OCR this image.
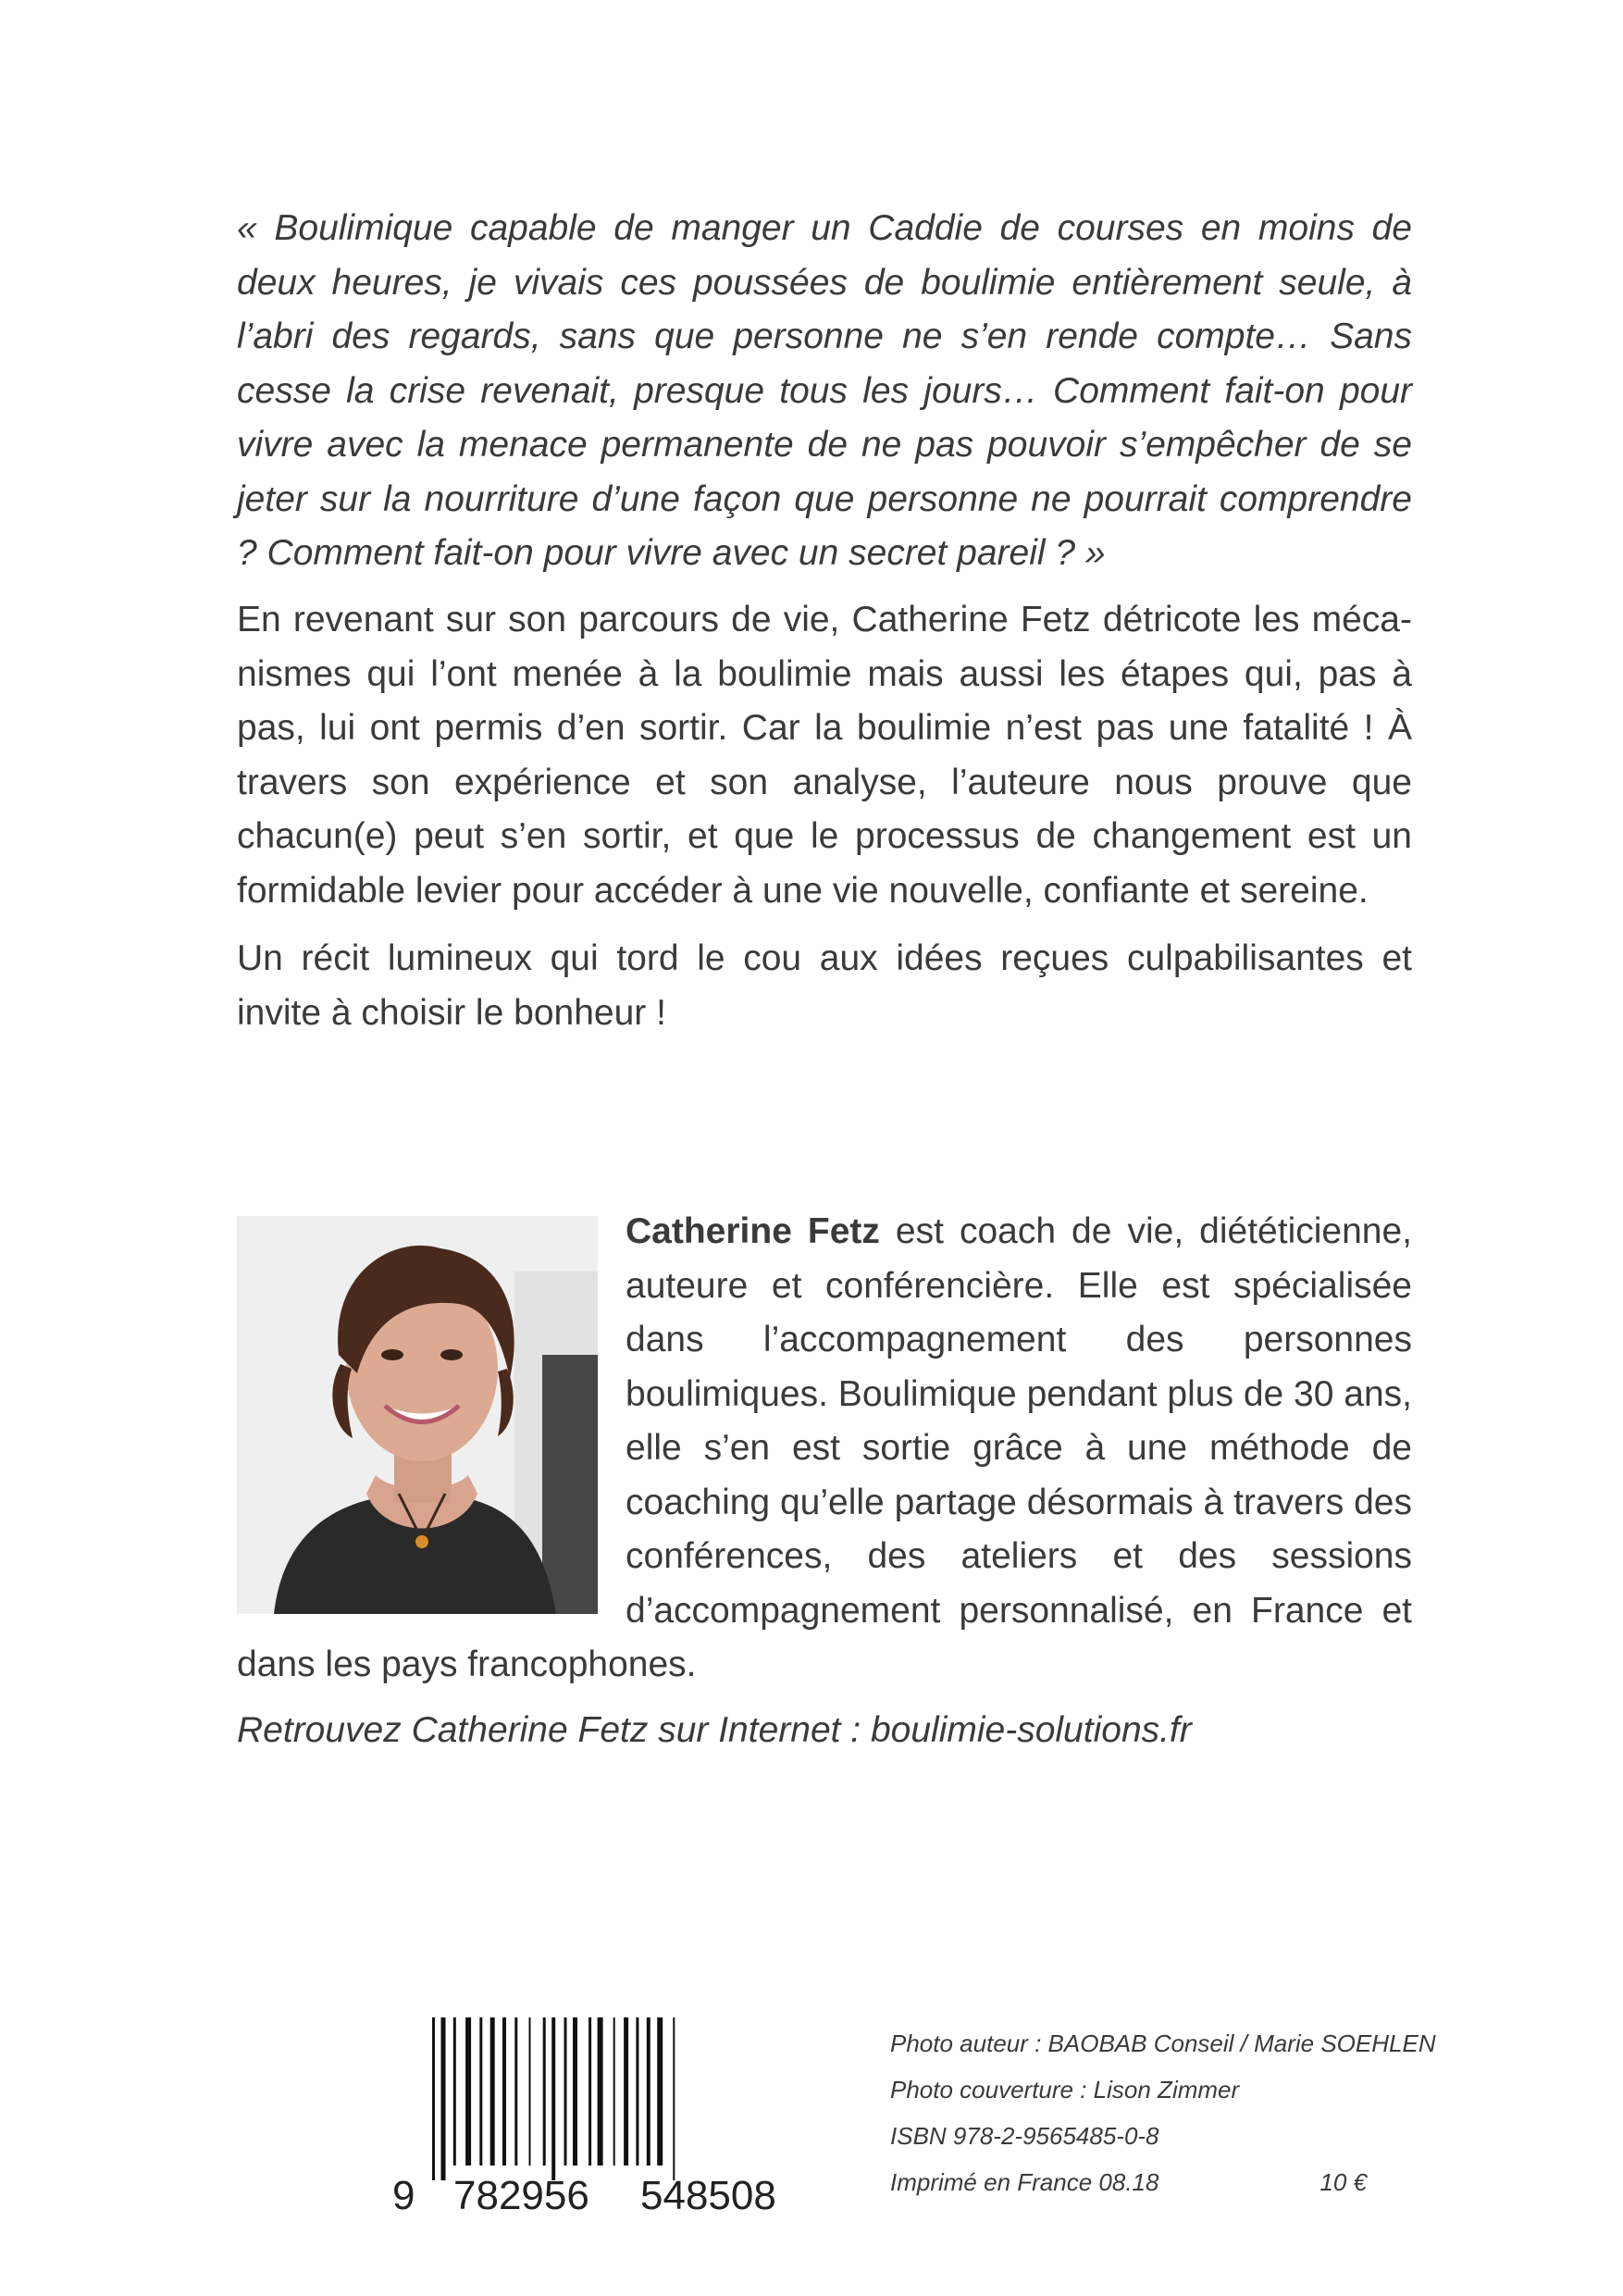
« Boulimique capable de manger un Caddie de courses en moins de deux heures, je vivais ces poussées de boulimie entièrement seule, à l’abri des regards, sans que personne ne s’en rende compte… Sans cesse la crise revenait, presque tous les jours… Comment fait-on pour vivre avec la menace permanente de ne pas pouvoir s’empêcher de se jeter sur la nourriture d’une façon que personne ne pourrait comprendre ? Comment fait-on pour vivre avec un secret pareil ? »

En revenant sur son parcours de vie, Catherine Fetz détricote les mécanismes qui l’ont menée à la boulimie mais aussi les étapes qui, pas à pas, lui ont permis d’en sortir. Car la boulimie n’est pas une fatalité ! À travers son expérience et son analyse, l’auteure nous prouve que chacun(e) peut s’en sortir, et que le processus de changement est un formidable levier pour accéder à une vie nouvelle, confiante et sereine.

Un récit lumineux qui tord le cou aux idées reçues culpabilisantes et invite à choisir le bonheur !

Catherine Fetz est coach de vie, diététicienne, auteure et conférencière. Elle est spécialisée dans l’accompagnement des personnes boulimiques. Boulimique pendant plus de 30 ans, elle s’en est sortie grâce à une méthode de coaching qu’elle partage désormais à travers des conférences, des ateliers et des sessions d’accompagnement personnalisé, en France et dans les pays francophones.
Retrouvez Catherine Fetz sur Internet : boulimie-solutions.fr
9 782956 548508
Photo auteur : BAOBAB Conseil / Marie SOEHLEN
Photo couverture : Lison Zimmer
ISBN 978-2-9565485-0-8
Imprimé en France 08.18	10 €
